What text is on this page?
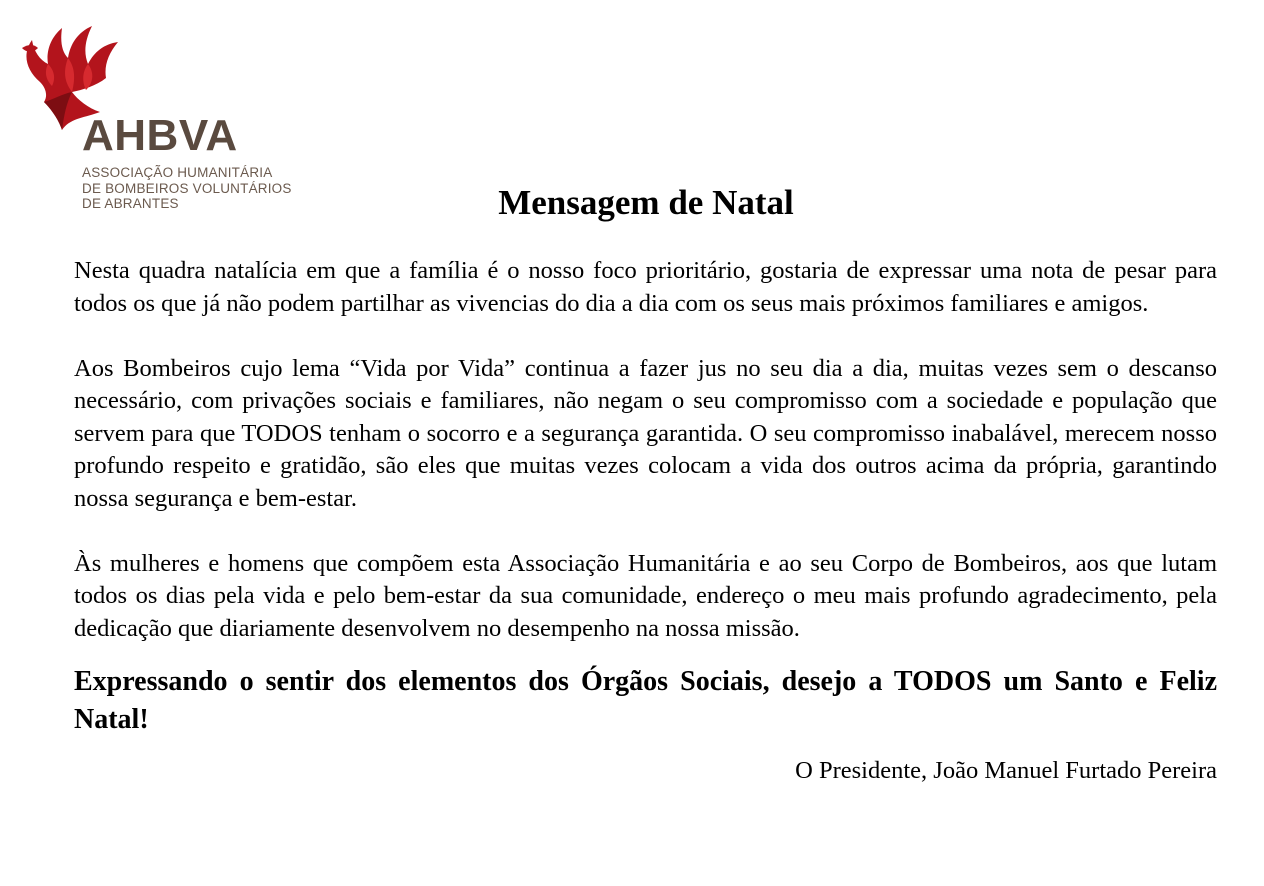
AHBVA
ASSOCIAÇÃO HUMANITÁRIA
DE BOMBEIROS VOLUNTÁRIOS
DE ABRANTES	Mensagem de Natal

Nesta quadra natalícia em que a família é o nosso foco prioritário, gostaria de expressar uma nota de pesar para todos os que já não podem partilhar as vivencias do dia a dia com os seus mais próximos familiares e amigos.

Aos Bombeiros cujo lema “Vida por Vida” continua a fazer jus no seu dia a dia, muitas vezes sem o descanso necessário, com privações sociais e familiares, não negam o seu compromisso com a sociedade e população que servem para que TODOS tenham o socorro e a segurança garantida. O seu compromisso inabalável, merecem nosso profundo respeito e gratidão, são eles que muitas vezes colocam a vida dos outros acima da própria, garantindo nossa segurança e bem-estar.

Às mulheres e homens que compõem esta Associação Humanitária e ao seu Corpo de Bombeiros, aos que lutam todos os dias pela vida e pelo bem-estar da sua comunidade, endereço o meu mais profundo agradecimento, pela dedicação que diariamente desenvolvem no desempenho na nossa missão.

Expressando o sentir dos elementos dos Órgãos Sociais, desejo a TODOS um Santo e Feliz Natal!

O Presidente, João Manuel Furtado Pereira
